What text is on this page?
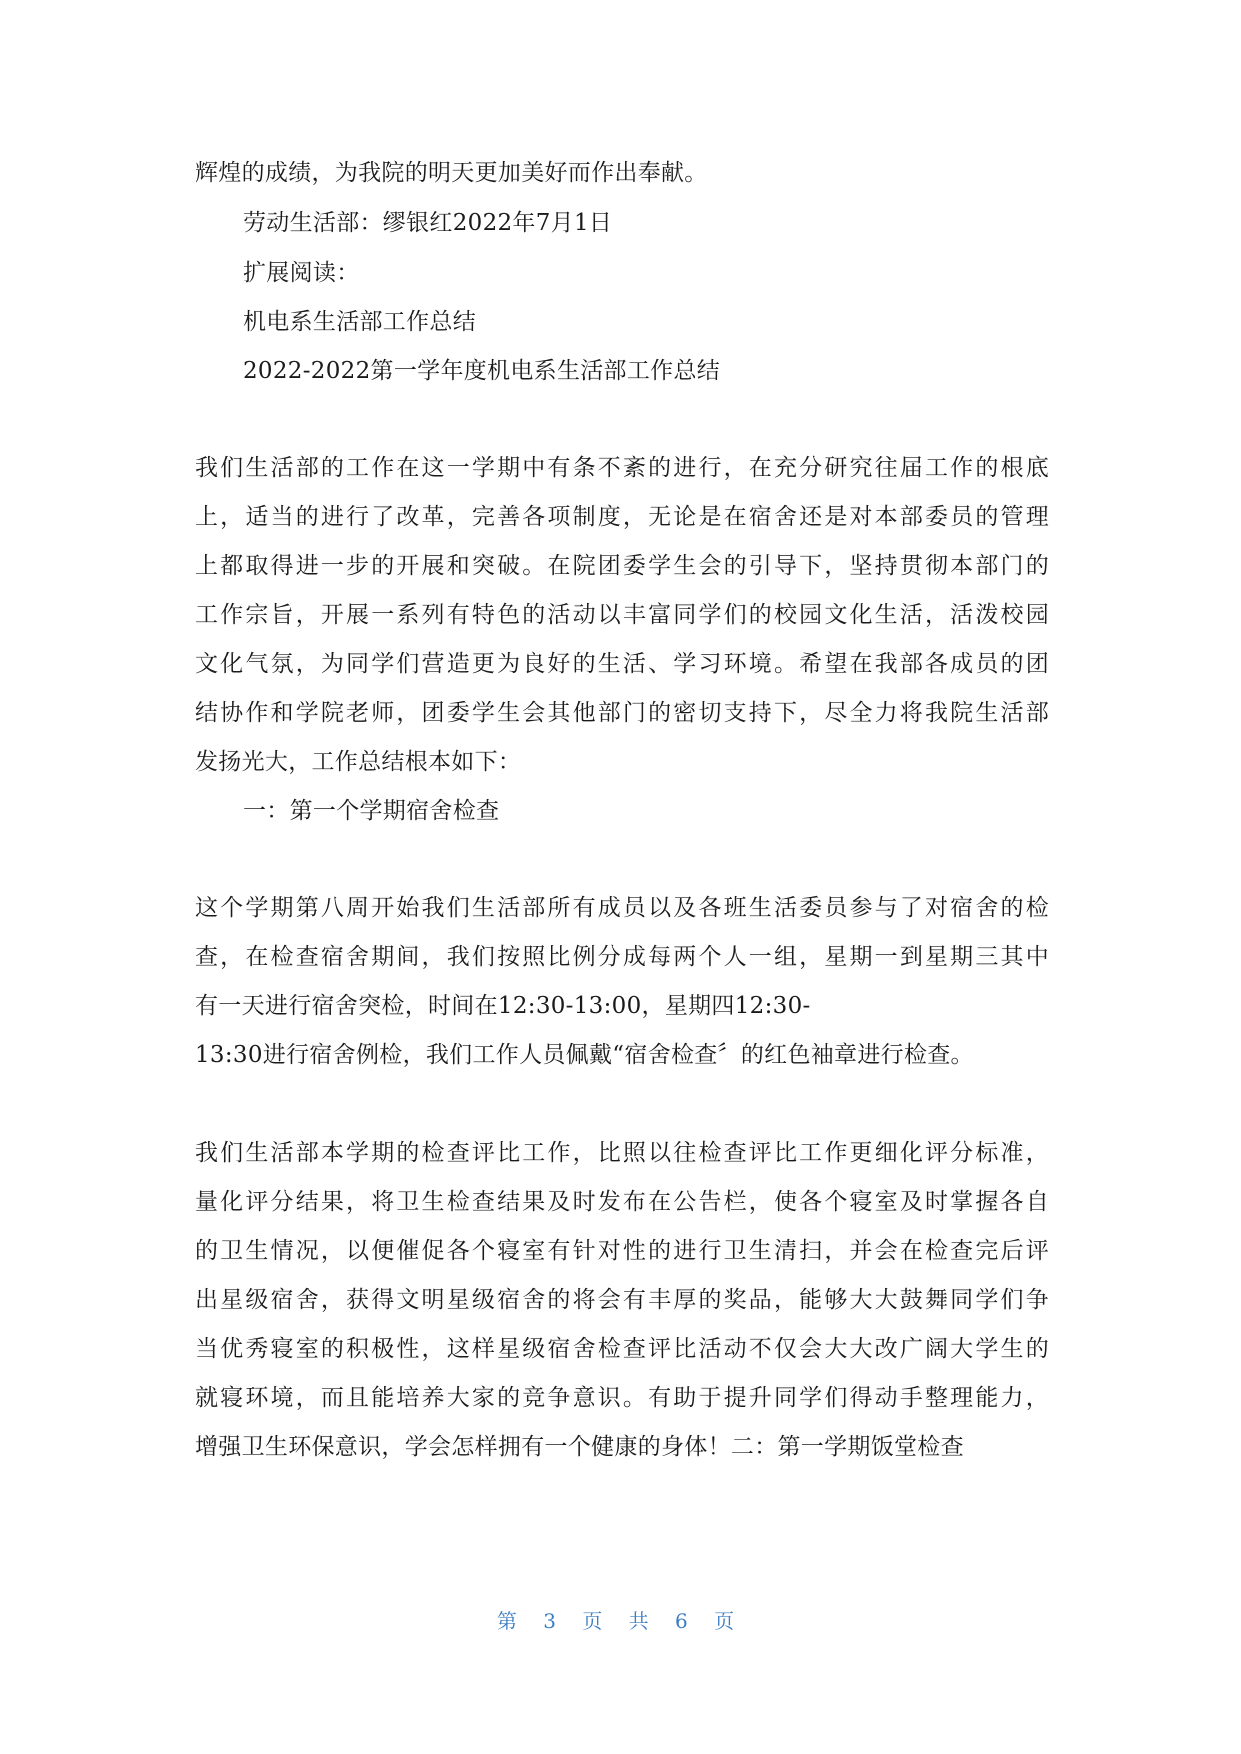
辉煌的成绩，为我院的明天更加美好而作出奉献。
劳动生活部：缪银红2022年7月1日
扩展阅读：
机电系生活部工作总结
2022-2022第一学年度机电系生活部工作总结
我们生活部的工作在这一学期中有条不紊的进行，在充分研究往届工作的根底
上，适当的进行了改革，完善各项制度，无论是在宿舍还是对本部委员的管理
上都取得进一步的开展和突破。在院团委学生会的引导下，坚持贯彻本部门的
工作宗旨，开展一系列有特色的活动以丰富同学们的校园文化生活，活泼校园
文化气氛，为同学们营造更为良好的生活、学习环境。希望在我部各成员的团
结协作和学院老师，团委学生会其他部门的密切支持下，尽全力将我院生活部
发扬光大，工作总结根本如下：
一：第一个学期宿舍检查
这个学期第八周开始我们生活部所有成员以及各班生活委员参与了对宿舍的检
查，在检查宿舍期间，我们按照比例分成每两个人一组，星期一到星期三其中
有一天进行宿舍突检，时间在12:30-13:00，星期四12:30-
13:30进行宿舍例检，我们工作人员佩戴“宿舍检查〞的红色袖章进行检查。
我们生活部本学期的检查评比工作，比照以往检查评比工作更细化评分标准，
量化评分结果，将卫生检查结果及时发布在公告栏，使各个寝室及时掌握各自
的卫生情况，以便催促各个寝室有针对性的进行卫生清扫，并会在检查完后评
出星级宿舍，获得文明星级宿舍的将会有丰厚的奖品，能够大大鼓舞同学们争
当优秀寝室的积极性，这样星级宿舍检查评比活动不仅会大大改广阔大学生的
就寝环境，而且能培养大家的竞争意识。有助于提升同学们得动手整理能力，
增强卫生环保意识，学会怎样拥有一个健康的身体！二：第一学期饭堂检查
第 3 页 共 6 页
